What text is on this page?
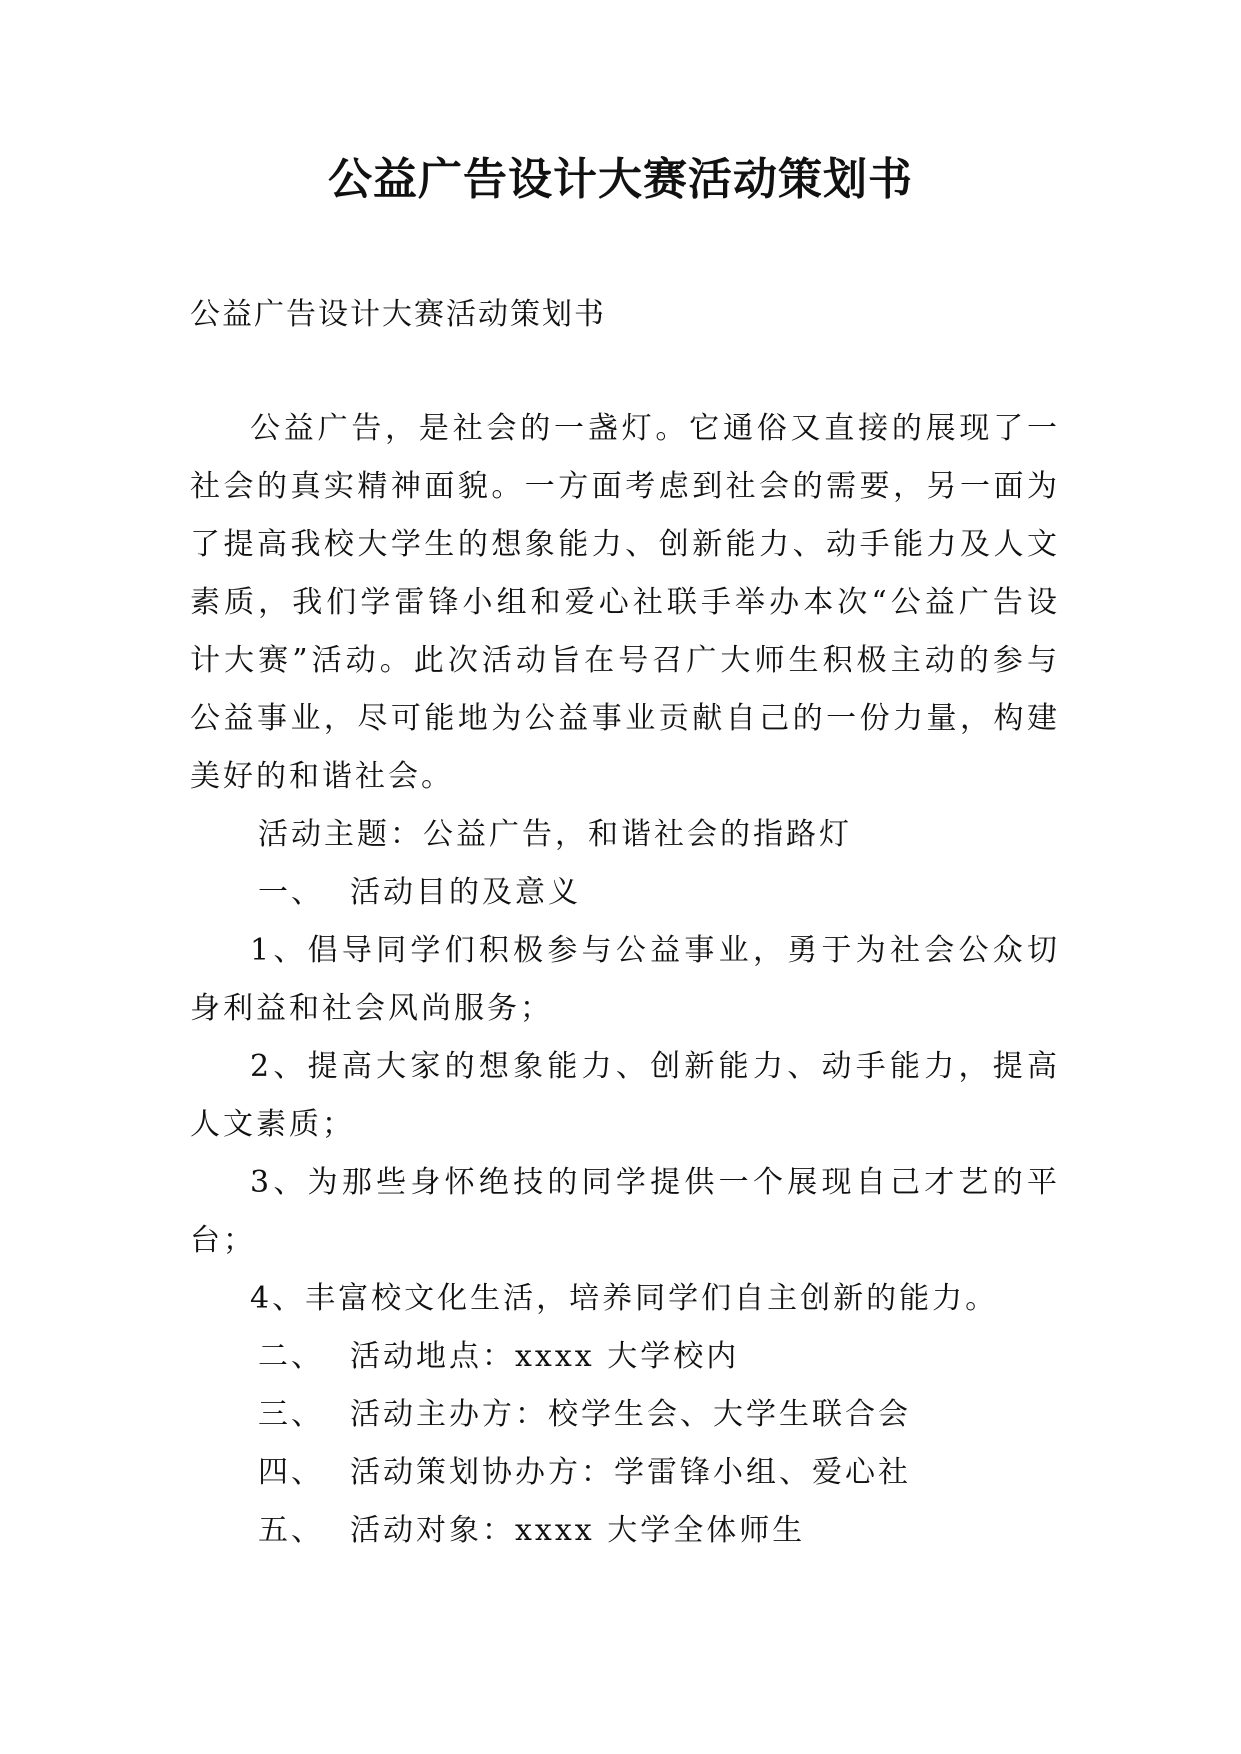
公益广告设计大赛活动策划书
公益广告设计大赛活动策划书

公益广告，是社会的一盏灯。它通俗又直接的展现了一社会的真实精神面貌。一方面考虑到社会的需要，另一面为了提高我校大学生的想象能力、创新能力、动手能力及人文素质，我们学雷锋小组和爱心社联手举办本次“公益广告设计大赛”活动。此次活动旨在号召广大师生积极主动的参与公益事业，尽可能地为公益事业贡献自己的一份力量，构建美好的和谐社会。

活动主题：公益广告，和谐社会的指路灯

一、 活动目的及意义

1、倡导同学们积极参与公益事业，勇于为社会公众切身利益和社会风尚服务；

2、提高大家的想象能力、创新能力、动手能力，提高人文素质；

3、为那些身怀绝技的同学提供一个展现自己才艺的平台；

4、丰富校文化生活，培养同学们自主创新的能力。

二、 活动地点：xxxx 大学校内

三、 活动主办方：校学生会、大学生联合会

四、 活动策划协办方：学雷锋小组、爱心社

五、 活动对象：xxxx 大学全体师生
